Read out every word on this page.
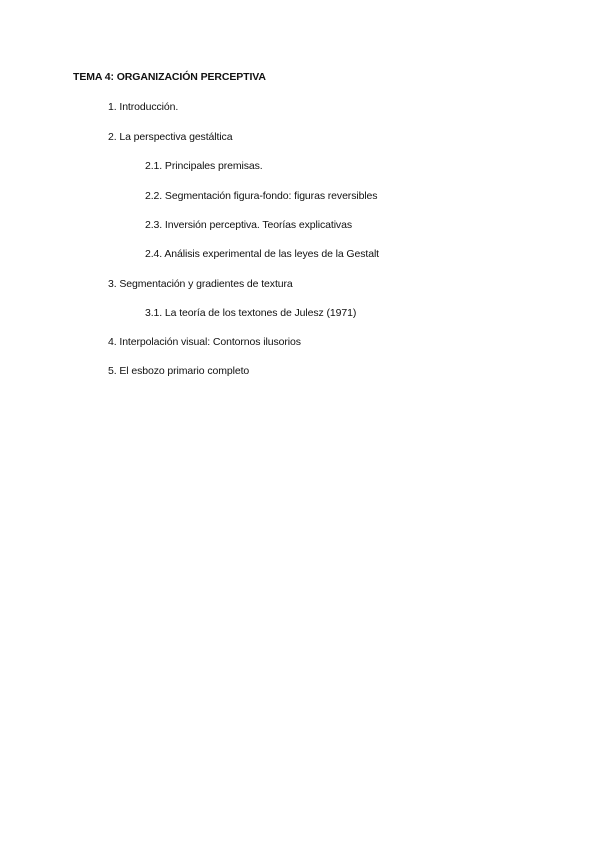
TEMA 4: ORGANIZACIÓN PERCEPTIVA
1. Introducción.
2. La perspectiva gestáltica
2.1. Principales premisas.
2.2. Segmentación figura-fondo: figuras reversibles
2.3. Inversión perceptiva. Teorías explicativas
2.4. Análisis experimental de las leyes de la Gestalt
3. Segmentación y gradientes de textura
3.1. La teoría de los textones de Julesz (1971)
4. Interpolación visual: Contornos ilusorios
5. El esbozo primario completo
